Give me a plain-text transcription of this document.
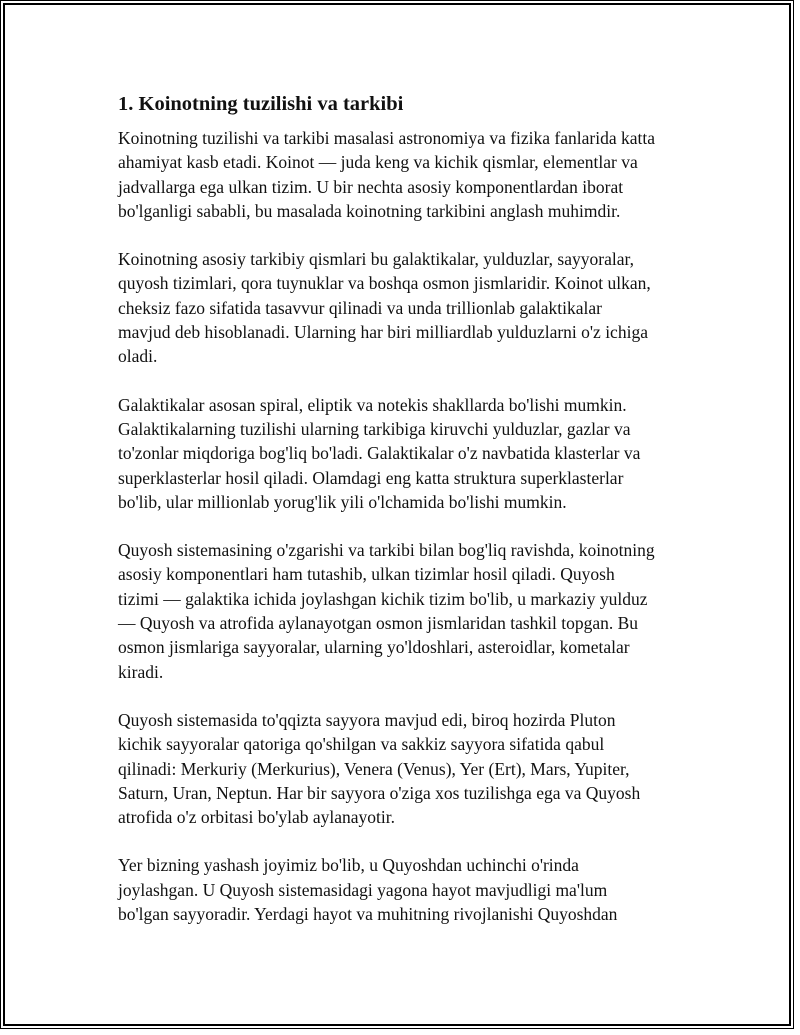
1. Koinotning tuzilishi va tarkibi
Koinotning tuzilishi va tarkibi masalasi astronomiya va fizika fanlarida katta
ahamiyat kasb etadi. Koinot — juda keng va kichik qismlar, elementlar va
jadvallarga ega ulkan tizim. U bir nechta asosiy komponentlardan iborat
bo'lganligi sababli, bu masalada koinotning tarkibini anglash muhimdir.
Koinotning asosiy tarkibiy qismlari bu galaktikalar, yulduzlar, sayyoralar,
quyosh tizimlari, qora tuynuklar va boshqa osmon jismlaridir. Koinot ulkan,
cheksiz fazo sifatida tasavvur qilinadi va unda trillionlab galaktikalar
mavjud deb hisoblanadi. Ularning har biri milliardlab yulduzlarni o'z ichiga
oladi.
Galaktikalar asosan spiral, eliptik va notekis shakllarda bo'lishi mumkin.
Galaktikalarning tuzilishi ularning tarkibiga kiruvchi yulduzlar, gazlar va
to'zonlar miqdoriga bog'liq bo'ladi. Galaktikalar o'z navbatida klasterlar va
superklasterlar hosil qiladi. Olamdagi eng katta struktura superklasterlar
bo'lib, ular millionlab yorug'lik yili o'lchamida bo'lishi mumkin.
Quyosh sistemasining o'zgarishi va tarkibi bilan bog'liq ravishda, koinotning
asosiy komponentlari ham tutashib, ulkan tizimlar hosil qiladi. Quyosh
tizimi — galaktika ichida joylashgan kichik tizim bo'lib, u markaziy yulduz
— Quyosh va atrofida aylanayotgan osmon jismlaridan tashkil topgan. Bu
osmon jismlariga sayyoralar, ularning yo'ldoshlari, asteroidlar, kometalar
kiradi.
Quyosh sistemasida to'qqizta sayyora mavjud edi, biroq hozirda Pluton
kichik sayyoralar qatoriga qo'shilgan va sakkiz sayyora sifatida qabul
qilinadi: Merkuriy (Merkurius), Venera (Venus), Yer (Ert), Mars, Yupiter,
Saturn, Uran, Neptun. Har bir sayyora o'ziga xos tuzilishga ega va Quyosh
atrofida o'z orbitasi bo'ylab aylanayotir.
Yer bizning yashash joyimiz bo'lib, u Quyoshdan uchinchi o'rinda
joylashgan. U Quyosh sistemasidagi yagona hayot mavjudligi ma'lum
bo'lgan sayyoradir. Yerdagi hayot va muhitning rivojlanishi Quyoshdan
